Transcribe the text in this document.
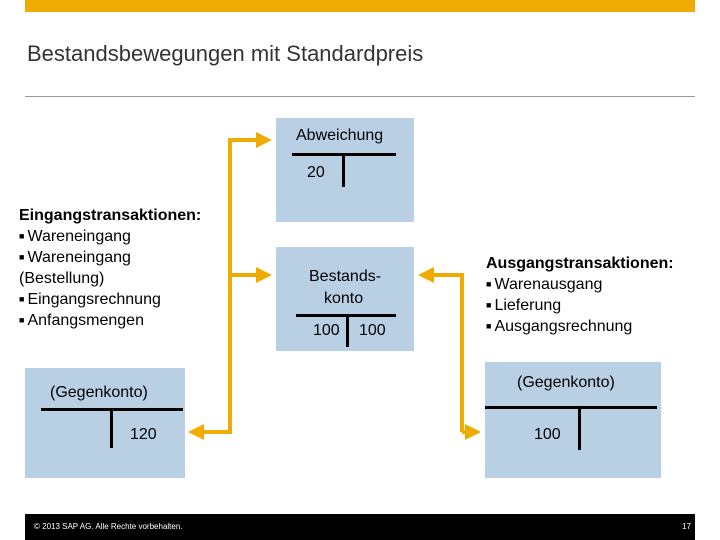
Bestandsbewegungen mit Standardpreis
Abweichung
20
Bestands-
konto
100 100
(Gegenkonto)
120
(Gegenkonto)
100
Eingangstransaktionen:
■ Wareneingang
■ Wareneingang
(Bestellung)
■ Eingangsrechnung
■ Anfangsmengen
Ausgangstransaktionen:
■ Warenausgang
■ Lieferung
■ Ausgangsrechnung
© 2013 SAP AG. Alle Rechte vorbehalten.	17
